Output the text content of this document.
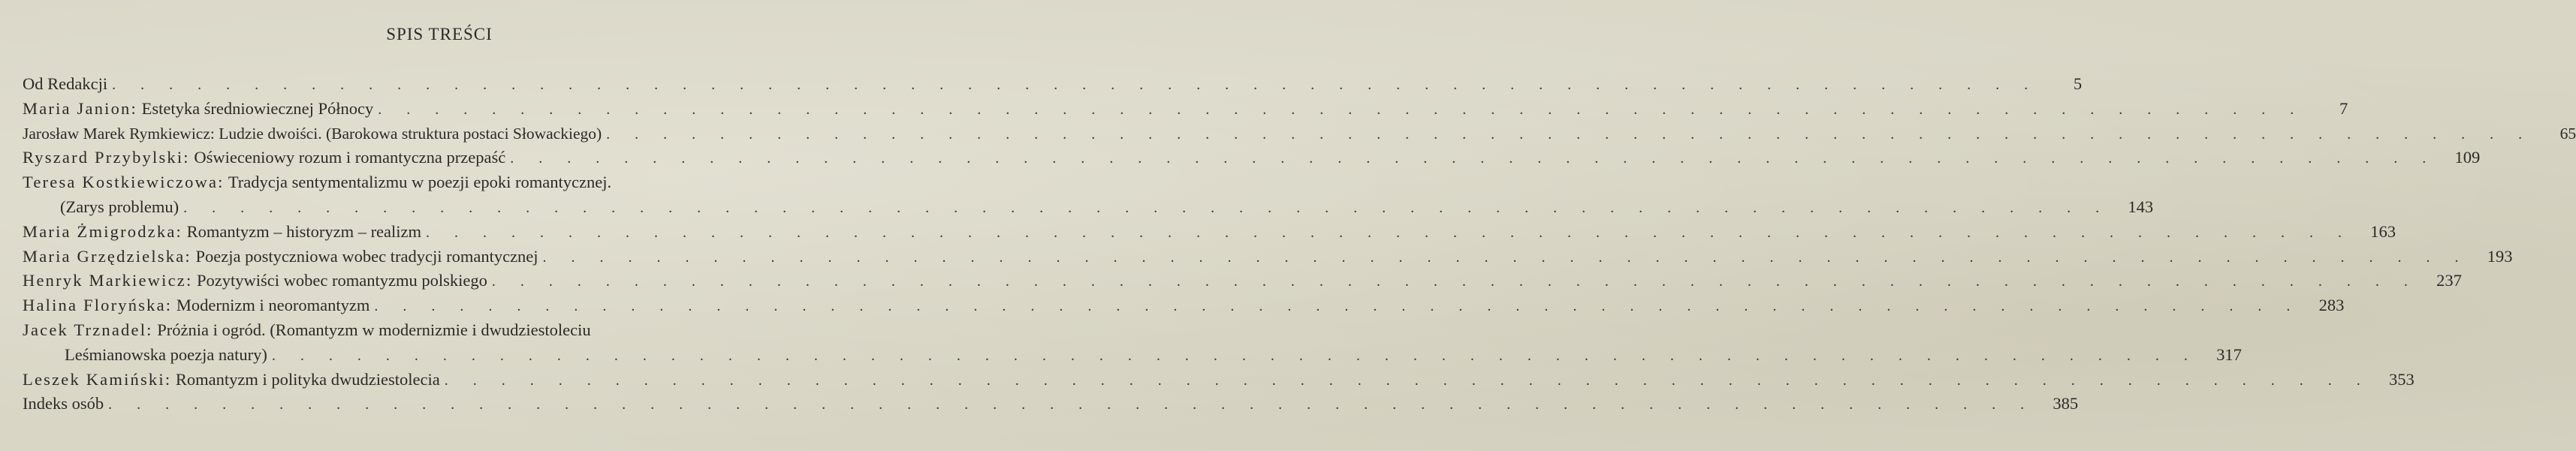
SPIS TREŚCI
Od Redakcji . . . . . . . . . . . . . . . . . . . . . . . . . . . . . . . . . . . . . . . . . . . . . . . . . . . . . . . . . . . . . . . . . . . .	5
Maria Janion: Estetyka średniowiecznej Północy . . . . . . . . . . . . . . . . . . . . . . . . . . . . . . . . . . . . . . . . . . . . . . . . . . . . . . . . . . . . . . . . . . . .	7
Jarosław Marek Rymkiewicz: Ludzie dwoiści. (Barokowa struktura postaci Słowackiego) . . . . . . . . . . . . . . . . . . . . . . . . . . . . . . . . . . . . . . . . . . . . . . . . . . . . . . . . . . . . . . . . . . . .	65
Ryszard Przybylski: Oświeceniowy rozum i romantyczna przepaść . . . . . . . . . . . . . . . . . . . . . . . . . . . . . . . . . . . . . . . . . . . . . . . . . . . . . . . . . . . . . . . . . . . .	109
Teresa Kostkiewiczowa: Tradycja sentymentalizmu w poezji epoki romantycznej.
(Zarys problemu) . . . . . . . . . . . . . . . . . . . . . . . . . . . . . . . . . . . . . . . . . . . . . . . . . . . . . . . . . . . . . . . . . . . .	143
Maria Żmigrodzka: Romantyzm – historyzm – realizm . . . . . . . . . . . . . . . . . . . . . . . . . . . . . . . . . . . . . . . . . . . . . . . . . . . . . . . . . . . . . . . . . . . .	163
Maria Grzędzielska: Poezja postyczniowa wobec tradycji romantycznej . . . . . . . . . . . . . . . . . . . . . . . . . . . . . . . . . . . . . . . . . . . . . . . . . . . . . . . . . . . . . . . . . . . .	193
Henryk Markiewicz: Pozytywiści wobec romantyzmu polskiego . . . . . . . . . . . . . . . . . . . . . . . . . . . . . . . . . . . . . . . . . . . . . . . . . . . . . . . . . . . . . . . . . . . .	237
Halina Floryńska: Modernizm i neoromantyzm . . . . . . . . . . . . . . . . . . . . . . . . . . . . . . . . . . . . . . . . . . . . . . . . . . . . . . . . . . . . . . . . . . . .	283
Jacek Trznadel: Próżnia i ogród. (Romantyzm w modernizmie i dwudziestoleciu
Leśmianowska poezja natury) . . . . . . . . . . . . . . . . . . . . . . . . . . . . . . . . . . . . . . . . . . . . . . . . . . . . . . . . . . . . . . . . . . . .	317
Leszek Kamiński: Romantyzm i polityka dwudziestolecia . . . . . . . . . . . . . . . . . . . . . . . . . . . . . . . . . . . . . . . . . . . . . . . . . . . . . . . . . . . . . . . . . . . .	353
Indeks osób . . . . . . . . . . . . . . . . . . . . . . . . . . . . . . . . . . . . . . . . . . . . . . . . . . . . . . . . . . . . . . . . . . . .	385
